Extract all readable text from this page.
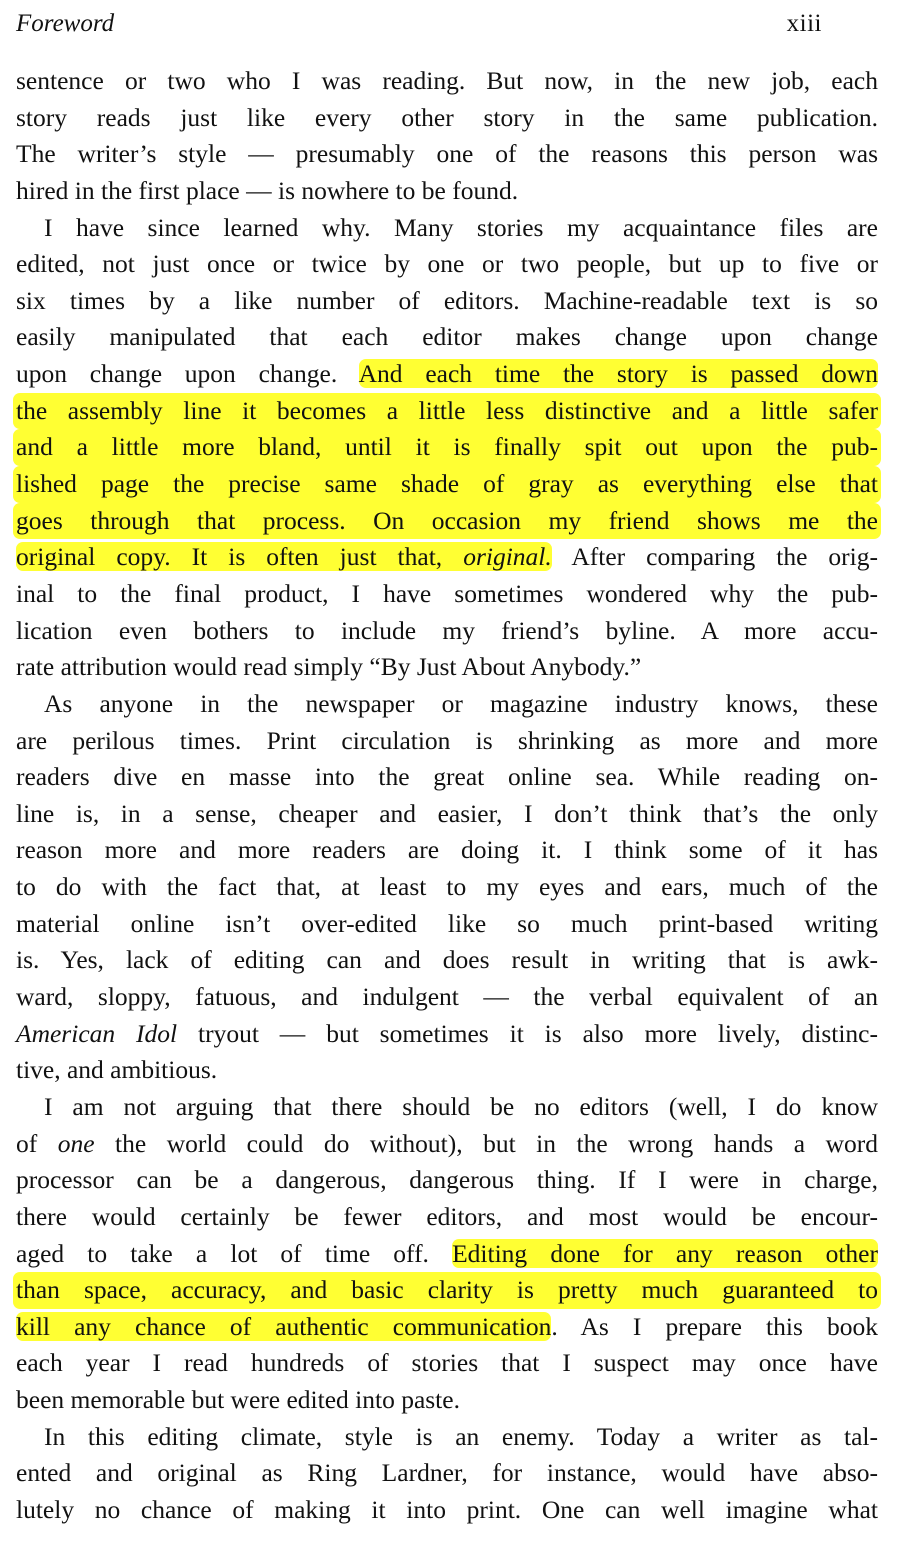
Foreword	xiii
sentence or two who I was reading. But now, in the new job, each
story reads just like every other story in the same publication.
The writer’s style — presumably one of the reasons this person was
hired in the first place — is nowhere to be found.
I have since learned why. Many stories my acquaintance files are
edited, not just once or twice by one or two people, but up to five or
six times by a like number of editors. Machine-readable text is so
easily manipulated that each editor makes change upon change
upon change upon change. And each time the story is passed down
the assembly line it becomes a little less distinctive and a little safer
and a little more bland, until it is finally spit out upon the pub-
lished page the precise same shade of gray as everything else that
goes through that process. On occasion my friend shows me the
original copy. It is often just that, original. After comparing the orig-
inal to the final product, I have sometimes wondered why the pub-
lication even bothers to include my friend’s byline. A more accu-
rate attribution would read simply “By Just About Anybody.”
As anyone in the newspaper or magazine industry knows, these
are perilous times. Print circulation is shrinking as more and more
readers dive en masse into the great online sea. While reading on-
line is, in a sense, cheaper and easier, I don’t think that’s the only
reason more and more readers are doing it. I think some of it has
to do with the fact that, at least to my eyes and ears, much of the
material online isn’t over-edited like so much print-based writing
is. Yes, lack of editing can and does result in writing that is awk-
ward, sloppy, fatuous, and indulgent — the verbal equivalent of an
American Idol tryout — but sometimes it is also more lively, distinc-
tive, and ambitious.
I am not arguing that there should be no editors (well, I do know
of one the world could do without), but in the wrong hands a word
processor can be a dangerous, dangerous thing. If I were in charge,
there would certainly be fewer editors, and most would be encour-
aged to take a lot of time off. Editing done for any reason other
than space, accuracy, and basic clarity is pretty much guaranteed to
kill any chance of authentic communication. As I prepare this book
each year I read hundreds of stories that I suspect may once have
been memorable but were edited into paste.
In this editing climate, style is an enemy. Today a writer as tal-
ented and original as Ring Lardner, for instance, would have abso-
lutely no chance of making it into print. One can well imagine what
